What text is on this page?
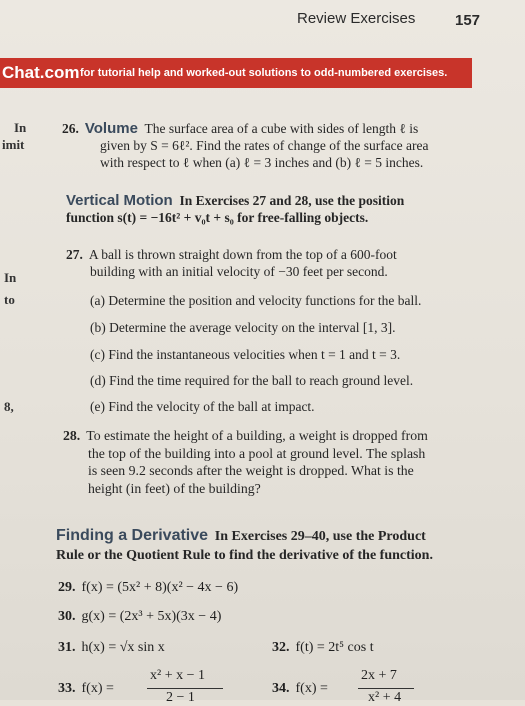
Review Exercises	157
Chat.com for tutorial help and worked-out solutions to odd-numbered exercises.
In
imit
In
to
8,
26. Volume The surface area of a cube with sides of length ℓ is
given by S = 6ℓ². Find the rates of change of the surface area
with respect to ℓ when (a) ℓ = 3 inches and (b) ℓ = 5 inches.
Vertical Motion In Exercises 27 and 28, use the position
function s(t) = −16t² + v₀t + s₀ for free-falling objects.
27. A ball is thrown straight down from the top of a 600-foot
building with an initial velocity of −30 feet per second.
(a) Determine the position and velocity functions for the ball.
(b) Determine the average velocity on the interval [1, 3].
(c) Find the instantaneous velocities when t = 1 and t = 3.
(d) Find the time required for the ball to reach ground level.
(e) Find the velocity of the ball at impact.
28. To estimate the height of a building, a weight is dropped from
the top of the building into a pool at ground level. The splash
is seen 9.2 seconds after the weight is dropped. What is the
height (in feet) of the building?
Finding a Derivative In Exercises 29–40, use the Product
Rule or the Quotient Rule to find the derivative of the function.
29. f(x) = (5x² + 8)(x² − 4x − 6)
30. g(x) = (2x³ + 5x)(3x − 4)
31. h(x) = √x sin x	32. f(t) = 2t⁵ cos t
33. f(x) =
x² + x − 1
2 − 1
34. f(x) =
2x + 7
x² + 4
